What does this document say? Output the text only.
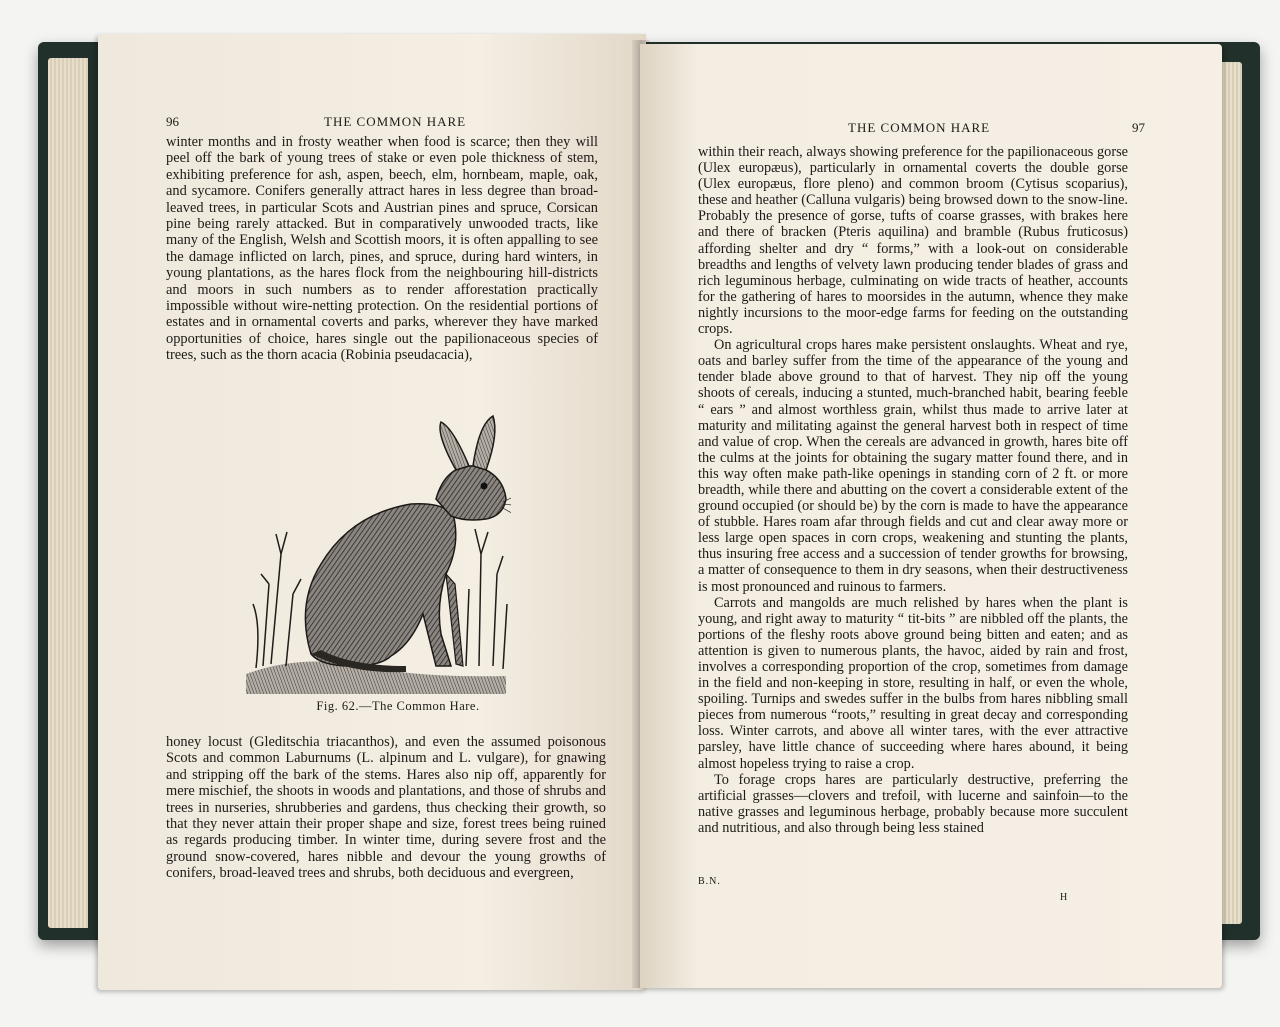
96	THE COMMON HARE

winter months and in frosty weather when food is scarce; then they will peel off the bark of young trees of stake or even pole thickness of stem, exhibiting preference for ash, aspen, beech, elm, hornbeam, maple, oak, and sycamore. Conifers generally attract hares in less degree than broad-leaved trees, in particular Scots and Austrian pines and spruce, Corsican pine being rarely attacked. But in comparatively unwooded tracts, like many of the English, Welsh and Scottish moors, it is often appalling to see the damage inflicted on larch, pines, and spruce, during hard winters, in young plantations, as the hares flock from the neighbouring hill-districts and moors in such numbers as to render afforestation practically impossible without wire-netting protection. On the residential portions of estates and in ornamental coverts and parks, wherever they have marked opportunities of choice, hares single out the papilionaceous species of trees, such as the thorn acacia (Robinia pseudacacia),

Fig. 62.—The Common Hare.

honey locust (Gleditschia triacanthos), and even the assumed poisonous Scots and common Laburnums (L. alpinum and L. vulgare), for gnawing and stripping off the bark of the stems. Hares also nip off, apparently for mere mischief, the shoots in woods and plantations, and those of shrubs and trees in nurseries, shrubberies and gardens, thus checking their growth, so that they never attain their proper shape and size, forest trees being ruined as regards producing timber. In winter time, during severe frost and the ground snow-covered, hares nibble and devour the young growths of conifers, broad-leaved trees and shrubs, both deciduous and evergreen,

THE COMMON HARE	97

within their reach, always showing preference for the papilionaceous gorse (Ulex europæus), particularly in ornamental coverts the double gorse (Ulex europæus, flore pleno) and common broom (Cytisus scoparius), these and heather (Calluna vulgaris) being browsed down to the snow-line. Probably the presence of gorse, tufts of coarse grasses, with brakes here and there of bracken (Pteris aquilina) and bramble (Rubus fruticosus) affording shelter and dry “ forms,” with a look-out on considerable breadths and lengths of velvety lawn producing tender blades of grass and rich leguminous herbage, culminating on wide tracts of heather, accounts for the gathering of hares to moorsides in the autumn, whence they make nightly incursions to the moor-edge farms for feeding on the outstanding crops.

On agricultural crops hares make persistent onslaughts. Wheat and rye, oats and barley suffer from the time of the appearance of the young and tender blade above ground to that of harvest. They nip off the young shoots of cereals, inducing a stunted, much-branched habit, bearing feeble “ ears ” and almost worthless grain, whilst thus made to arrive later at maturity and militating against the general harvest both in respect of time and value of crop. When the cereals are advanced in growth, hares bite off the culms at the joints for obtaining the sugary matter found there, and in this way often make path-like openings in standing corn of 2 ft. or more breadth, while there and abutting on the covert a considerable extent of the ground occupied (or should be) by the corn is made to have the appearance of stubble. Hares roam afar through fields and cut and clear away more or less large open spaces in corn crops, weakening and stunting the plants, thus insuring free access and a succession of tender growths for browsing, a matter of consequence to them in dry seasons, when their destructiveness is most pronounced and ruinous to farmers.

Carrots and mangolds are much relished by hares when the plant is young, and right away to maturity “ tit-bits ” are nibbled off the plants, the portions of the fleshy roots above ground being bitten and eaten; and as attention is given to numerous plants, the havoc, aided by rain and frost, involves a corresponding proportion of the crop, sometimes from damage in the field and non-keeping in store, resulting in half, or even the whole, spoiling. Turnips and swedes suffer in the bulbs from hares nibbling small pieces from numerous “roots,” resulting in great decay and corresponding loss. Winter carrots, and above all winter tares, with the ever attractive parsley, have little chance of succeeding where hares abound, it being almost hopeless trying to raise a crop.

To forage crops hares are particularly destructive, preferring the artificial grasses—clovers and trefoil, with lucerne and sainfoin—to the native grasses and leguminous herbage, probably because more succulent and nutritious, and also through being less stained

B.N.
H
